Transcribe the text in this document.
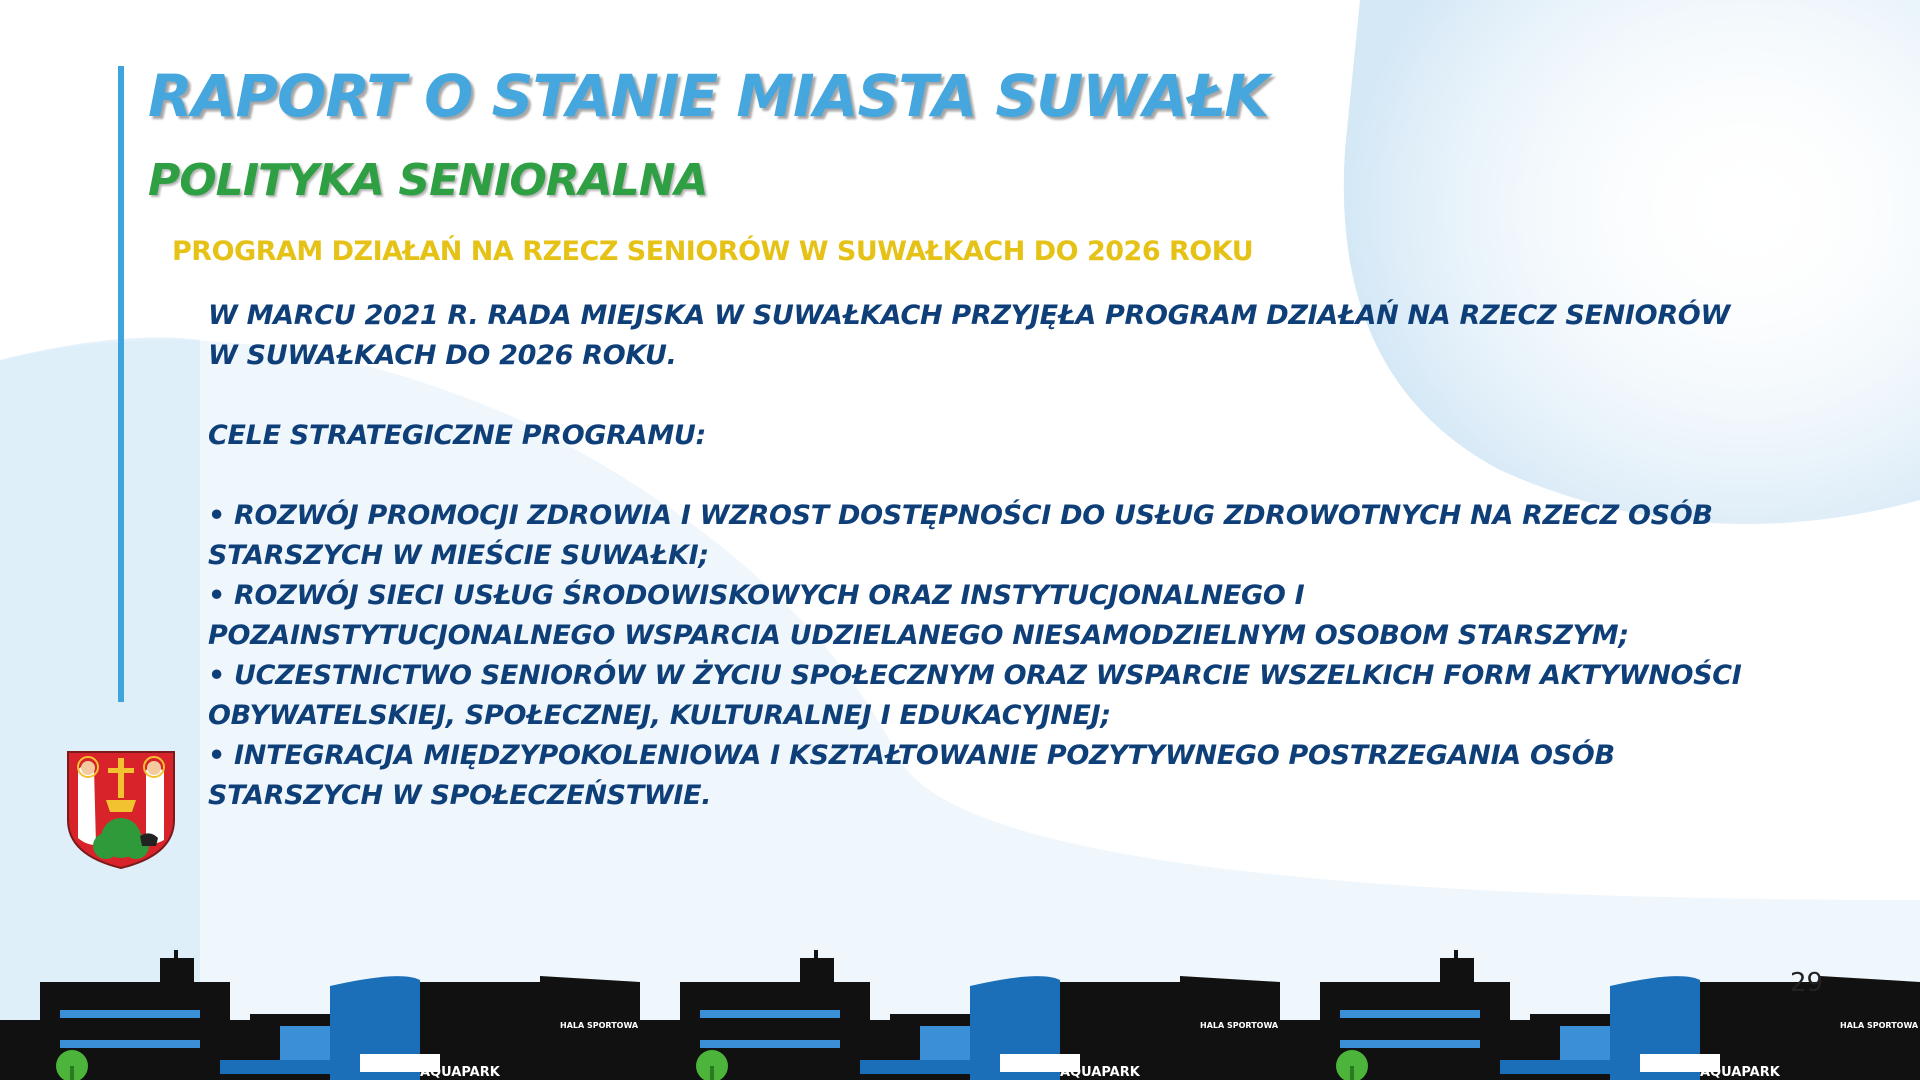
RAPORT O STANIE MIASTA SUWAŁK
POLITYKA SENIORALNA
PROGRAM DZIAŁAŃ NA RZECZ SENIORÓW W SUWAŁKACH DO 2026 ROKU

W MARCU 2021 R. RADA MIEJSKA W SUWAŁKACH PRZYJĘŁA PROGRAM DZIAŁAŃ NA RZECZ SENIORÓW

W SUWAŁKACH DO 2026 ROKU.

CELE STRATEGICZNE PROGRAMU:

• ROZWÓJ PROMOCJI ZDROWIA I WZROST DOSTĘPNOŚCI DO USŁUG ZDROWOTNYCH NA RZECZ OSÓB

STARSZYCH W MIEŚCIE SUWAŁKI;

• ROZWÓJ SIECI USŁUG ŚRODOWISKOWYCH ORAZ INSTYTUCJONALNEGO I

POZAINSTYTUCJONALNEGO WSPARCIA UDZIELANEGO NIESAMODZIELNYM OSOBOM STARSZYM;

• UCZESTNICTWO SENIORÓW W ŻYCIU SPOŁECZNYM ORAZ WSPARCIE WSZELKICH FORM AKTYWNOŚCI

OBYWATELSKIEJ, SPOŁECZNEJ, KULTURALNEJ I EDUKACYJNEJ;

• INTEGRACJA MIĘDZYPOKOLENIOWA I KSZTAŁTOWANIE POZYTYWNEGO POSTRZEGANIA OSÓB

STARSZYCH W SPOŁECZEŃSTWIE.

AQUAPARK
HALA SPORTOWA
AQUAPARK
HALA SPORTOWA
AQUAPARK
HALA SPORTOWA
29
